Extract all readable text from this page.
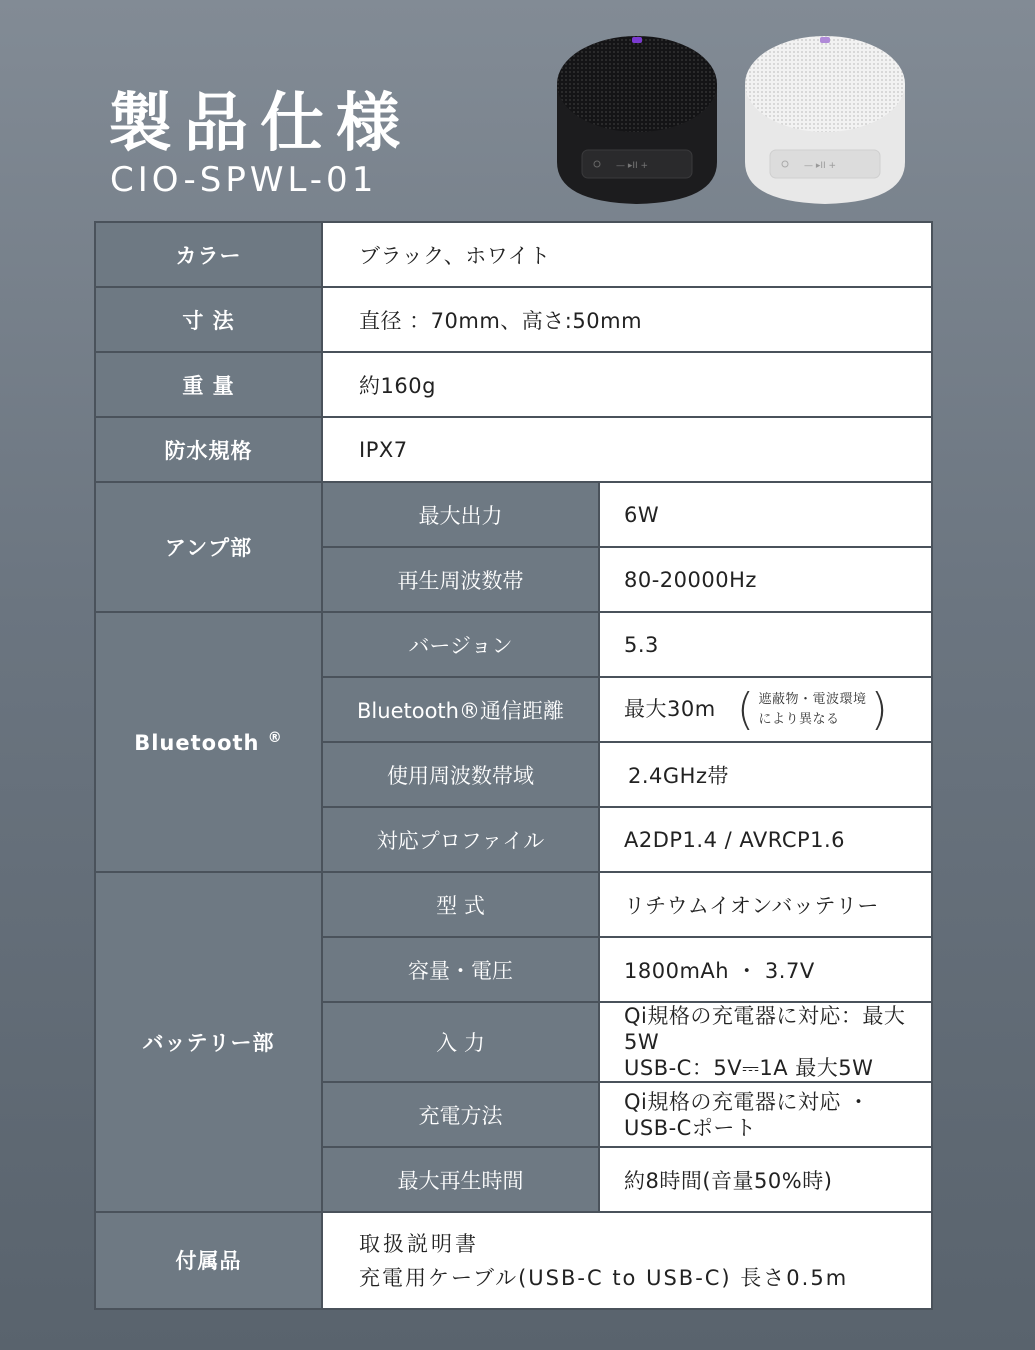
製品仕様
CIO-SPWL-01	— ▸II +	— ▸II +
カラー	ブラック、ホワイト	
寸 法	直径 ：70mm、高さ:50mm	
重 量	約160g	
防水規格	IPX7	
アンプ部	最大出力	6W
	再生周波数帯	80-20000Hz
Bluetooth ®	バージョン	5.3
	Bluetooth®通信距離	最大30m ( 遮蔽物・電波環境
により異なる )

	使用周波数帯域	2.4GHz帯
	対応プロファイル	A2DP1.4 / AVRCP1.6
バッテリー部	型 式	リチウムイオンバッテリー
	容量・電圧	1800mAh ・ 3.7V
	入 力	Qi規格の充電器に対応：最大5W
USB-C：5V⎓1A 最大5W

	充電方法	Qi規格の充電器に対応 ・
USB-Cポート

	最大再生時間	約8時間(音量50%時)
付属品	取扱説明書
充電用ケーブル(USB-C to USB-C) 長さ0.5m	
